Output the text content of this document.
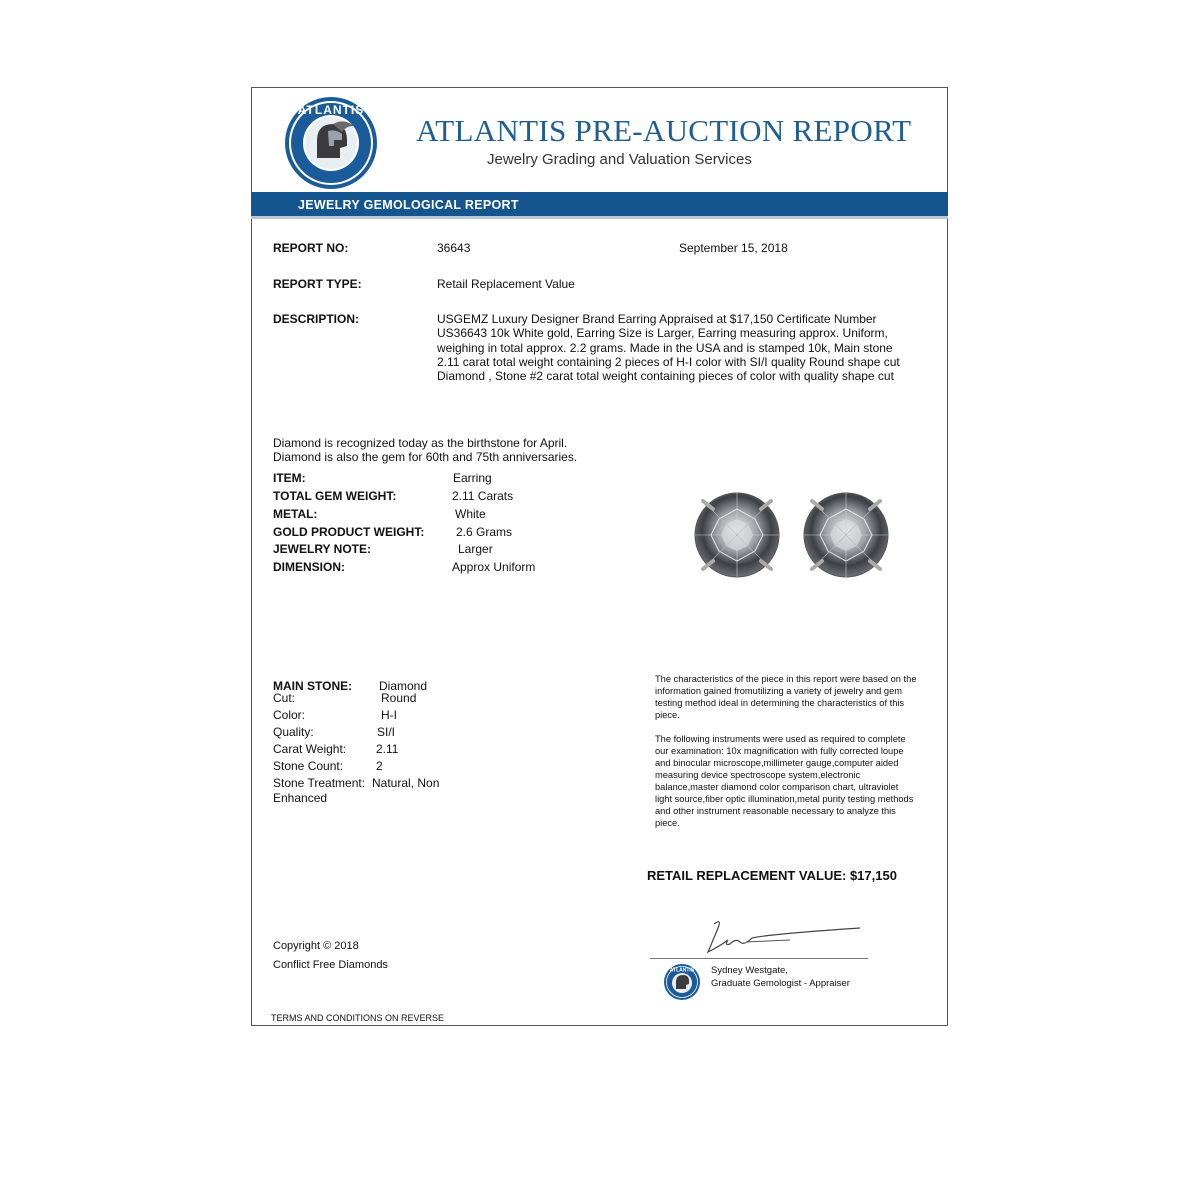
ATLANTIS
ATLANTIS PRE-AUCTION REPORT
Jewelry Grading and Valuation Services
JEWELRY GEMOLOGICAL REPORT
REPORT NO:	36643	September 15, 2018
REPORT TYPE:	Retail Replacement Value
DESCRIPTION:	USGEMZ Luxury Designer Brand Earring Appraised at $17,150 Certificate Number US36643 10k White gold, Earring Size is Larger, Earring measuring approx. Uniform, weighing in total approx. 2.2 grams. Made in the USA and is stamped 10k, Main stone 2.11 carat total weight containing 2 pieces of H-I color with SI/I quality Round shape cut Diamond , Stone #2 carat total weight containing pieces of color with quality shape cut
Diamond is recognized today as the birthstone for April.
Diamond is also the gem for 60th and 75th anniversaries.
ITEM:	Earring
TOTAL GEM WEIGHT:	2.11 Carats
METAL:	White
GOLD PRODUCT WEIGHT:	2.6 Grams
JEWELRY NOTE:	Larger
DIMENSION:	Approx Uniform
MAIN STONE: Diamond
Cut:	Round
Color:	H-I
Quality:	SI/I
Carat Weight: 2.11
Stone Count:	2
Stone Treatment: Natural, Non
Enhanced
The characteristics of the piece in this report were based on the information gained fromutilizing a variety of jewelry and gem testing method ideal in determining the characteristics of this piece.
The following instruments were used as required to complete our examination: 10x magnification with fully corrected loupe and binocular microscope,millimeter gauge,computer aided measuring device spectroscope system,electronic balance,master diamond color comparison chart, ultraviolet light source,fiber optic illumination,metal purity testing methods and other instrument reasonable necessary to analyze this piece.
RETAIL REPLACEMENT VALUE: $17,150
Copyright © 2018
Conflict Free Diamonds
TERMS AND CONDITIONS ON REVERSE
ATLANTIS Sydney Westgate,
Graduate Gemologist - Appraiser
